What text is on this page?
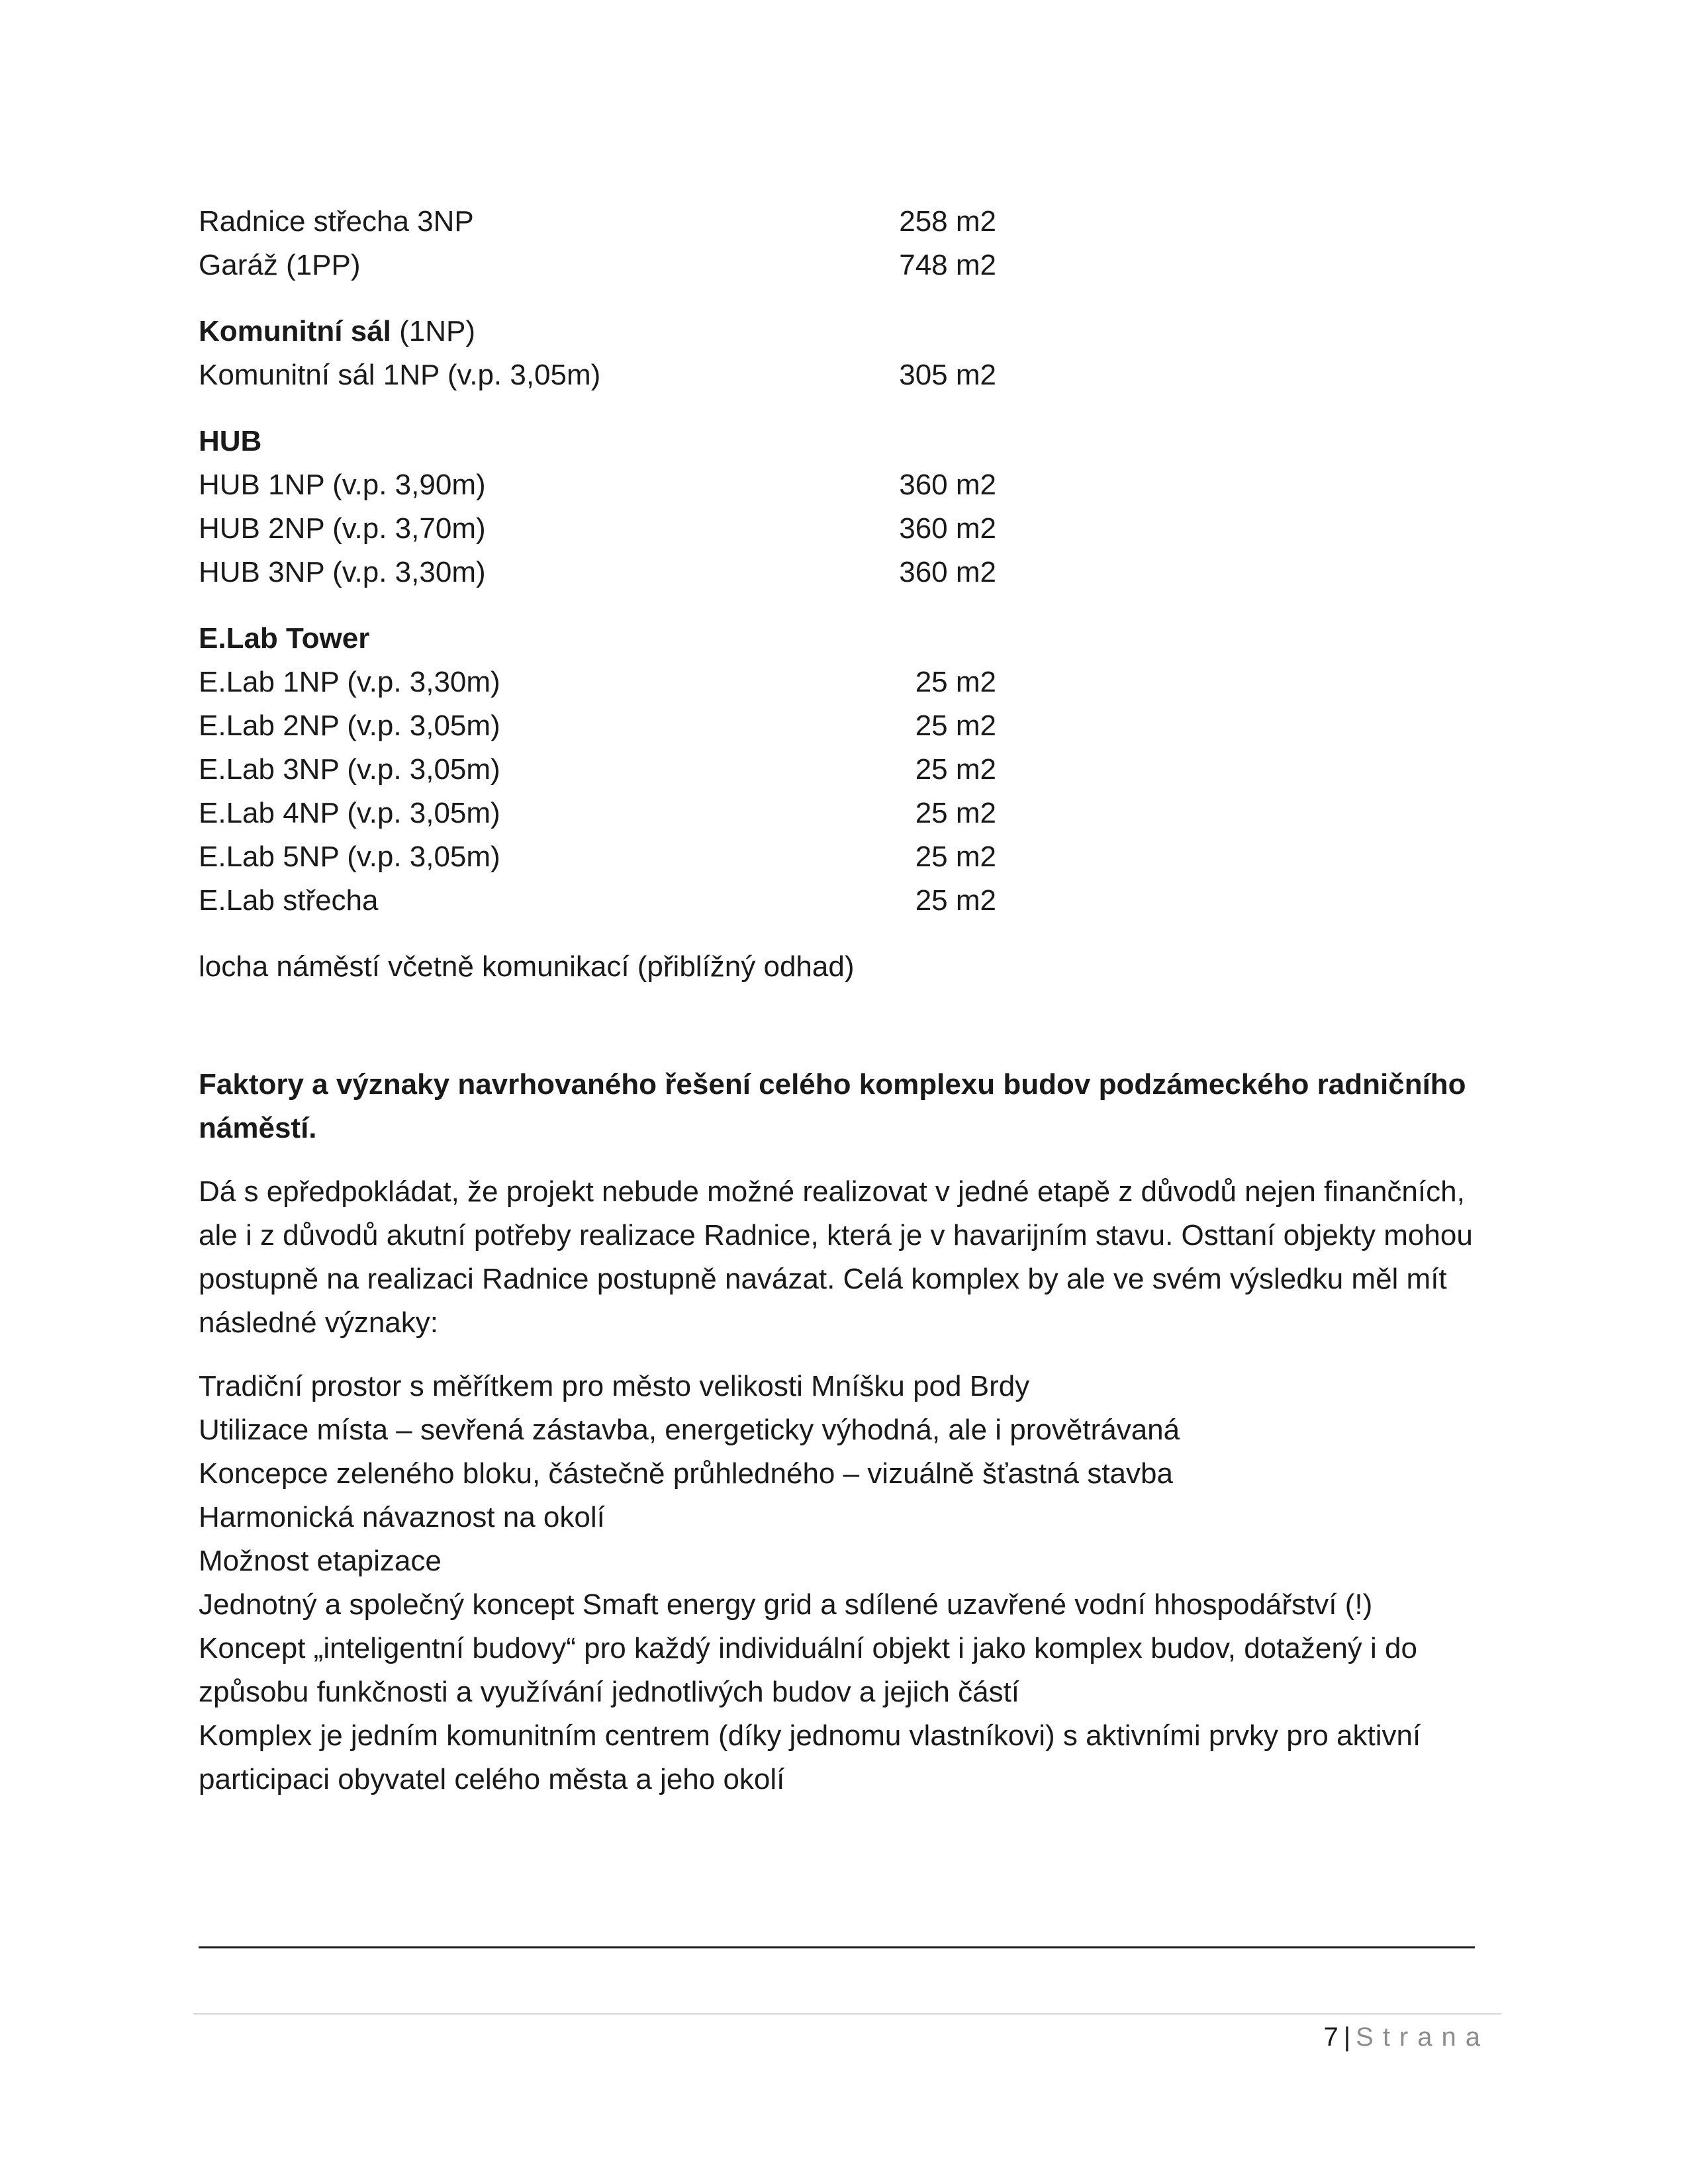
Radnice střecha 3NP	258 m2
Garáž (1PP)	748 m2
Komunitní sál (1NP)
Komunitní sál 1NP (v.p. 3,05m)	305 m2
HUB
HUB 1NP (v.p. 3,90m)	360 m2
HUB 2NP (v.p. 3,70m)	360 m2
HUB 3NP (v.p. 3,30m)	360 m2
E.Lab Tower
E.Lab 1NP (v.p. 3,30m)	25 m2
E.Lab 2NP (v.p. 3,05m)	25 m2
E.Lab 3NP (v.p. 3,05m)	25 m2
E.Lab 4NP (v.p. 3,05m)	25 m2
E.Lab 5NP (v.p. 3,05m)	25 m2
E.Lab střecha	25 m2
locha náměstí včetně komunikací (přiblížný odhad)
Faktory a význaky navrhovaného řešení celého komplexu budov podzámeckého radničního náměstí.
Dá s epředpokládat, že projekt nebude možné realizovat v jedné etapě z důvodů nejen finančních, ale i z důvodů akutní potřeby realizace Radnice, která je v havarijním stavu. Osttaní objekty mohou postupně na realizaci Radnice postupně navázat. Celá komplex by ale ve svém výsledku měl mít následné význaky:
Tradiční prostor s měřítkem pro město velikosti Mníšku pod Brdy
Utilizace místa – sevřená zástavba, energeticky výhodná, ale i provětrávaná
Koncepce zeleného bloku, částečně průhledného – vizuálně šťastná stavba
Harmonická návaznost na okolí
Možnost etapizace
Jednotný a společný koncept Smaft energy grid a sdílené uzavřené vodní hhospodářství (!)
Koncept „inteligentní budovy“ pro každý individuální objekt i jako komplex budov, dotažený i do způsobu funkčnosti a využívání jednotlivých budov a jejich částí
Komplex je jedním komunitním centrem (díky jednomu vlastníkovi) s aktivními prvky pro aktivní participaci obyvatel celého města a jeho okolí
7 | Strana
